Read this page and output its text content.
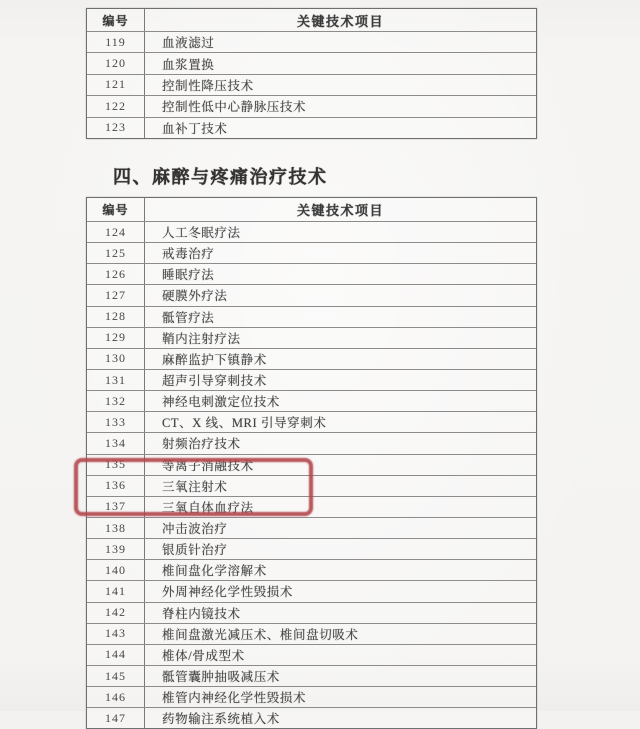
编号	关键技术项目
119	血液滤过
120	血浆置换
121	控制性降压技术
122	控制性低中心静脉压技术
123	血补丁技术
四、麻醉与疼痛治疗技术
编号	关键技术项目
124	人工冬眠疗法
125	戒毒治疗
126	睡眠疗法
127	硬膜外疗法
128	骶管疗法
129	鞘内注射疗法
130	麻醉监护下镇静术
131	超声引导穿刺技术
132	神经电刺激定位技术
133	CT、X 线、MRI 引导穿刺术
134	射频治疗技术
135	等离子消融技术
136	三氧注射术
137	三氧自体血疗法
138	冲击波治疗
139	银质针治疗
140	椎间盘化学溶解术
141	外周神经化学性毁损术
142	脊柱内镜技术
143	椎间盘激光减压术、椎间盘切吸术
144	椎体/骨成型术
145	骶管囊肿抽吸减压术
146	椎管内神经化学性毁损术
147	药物输注系统植入术
